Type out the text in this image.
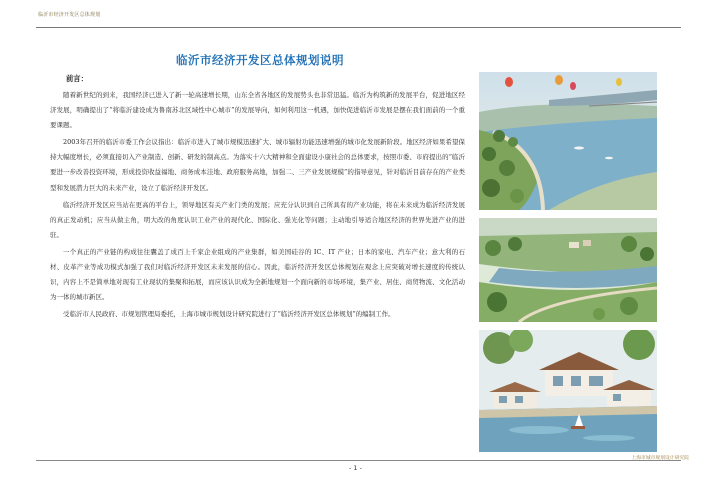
临沂市经济开发区总体规划
临沂市经济开发区总体规划说明
前言：

随着新世纪的到来，我国经济已进入了新一轮高速增长期，山东全省各地区的发展势头也非常迅猛。临沂为构筑新的发展平台，促进地区经济发展，明确提出了“将临沂建设成为鲁南苏北区域性中心城市”的发展导向，如何利用这一机遇，加快促进临沂市发展是摆在我们面前的一个重要课题。

2003年召开的临沂市委工作会议指出：临沂市进入了城市规模迅速扩大、城市辐射功能迅速增强的城市化发展新阶段。地区经济如果希望保持大幅度增长，必须直接切入产业制造、创新、研发的制高点。为落实十六大精神和全面建设小康社会的总体要求，按照市委、市府提出的“临沂要进一步改善投资环境，形成投资收益福地、商务成本洼地、政府服务高地，加强二、三产业发展规模”的指导意见，针对临沂目前存在的产业类型和发展潜力巨大的未来产业，设立了临沂经济开发区。

临沂经济开发区应当站在更高的平台上，领导地区有关产业门类的发展；应充分认识到自己所具有的产业功能，将在未来成为临沂经济发展的真正发动机；应当从做主角，明大改的角度认识工业产业的现代化、国际化、强光化等问题；主动地引导适合地区经济的世界先进产业的进驻。

一个真正的产业链的构成往往囊盖了成百上千家企业组成的产业集群，如美国硅谷的 IC、IT 产业；日本的家电、汽车产业；意大利的石材、皮革产业等成功模式加强了我们对临沂经济开发区未来发展的信心。因此，临沂经济开发区总体规划在观念上应突破对增长速度的传统认识，内容上不是简单地对现有工业现状的集聚和拓展，而应该认识成为全新地规划一个面向新的市场环境，集产业、居住、商贸物流、文化活动为一体的城市新区。

受临沂市人民政府、市规划管理局委托，上海市城市规划设计研究院进行了“临沂经济开发区总体规划”的编制工作。

上海市城市规划设计研究院
- 1 -
